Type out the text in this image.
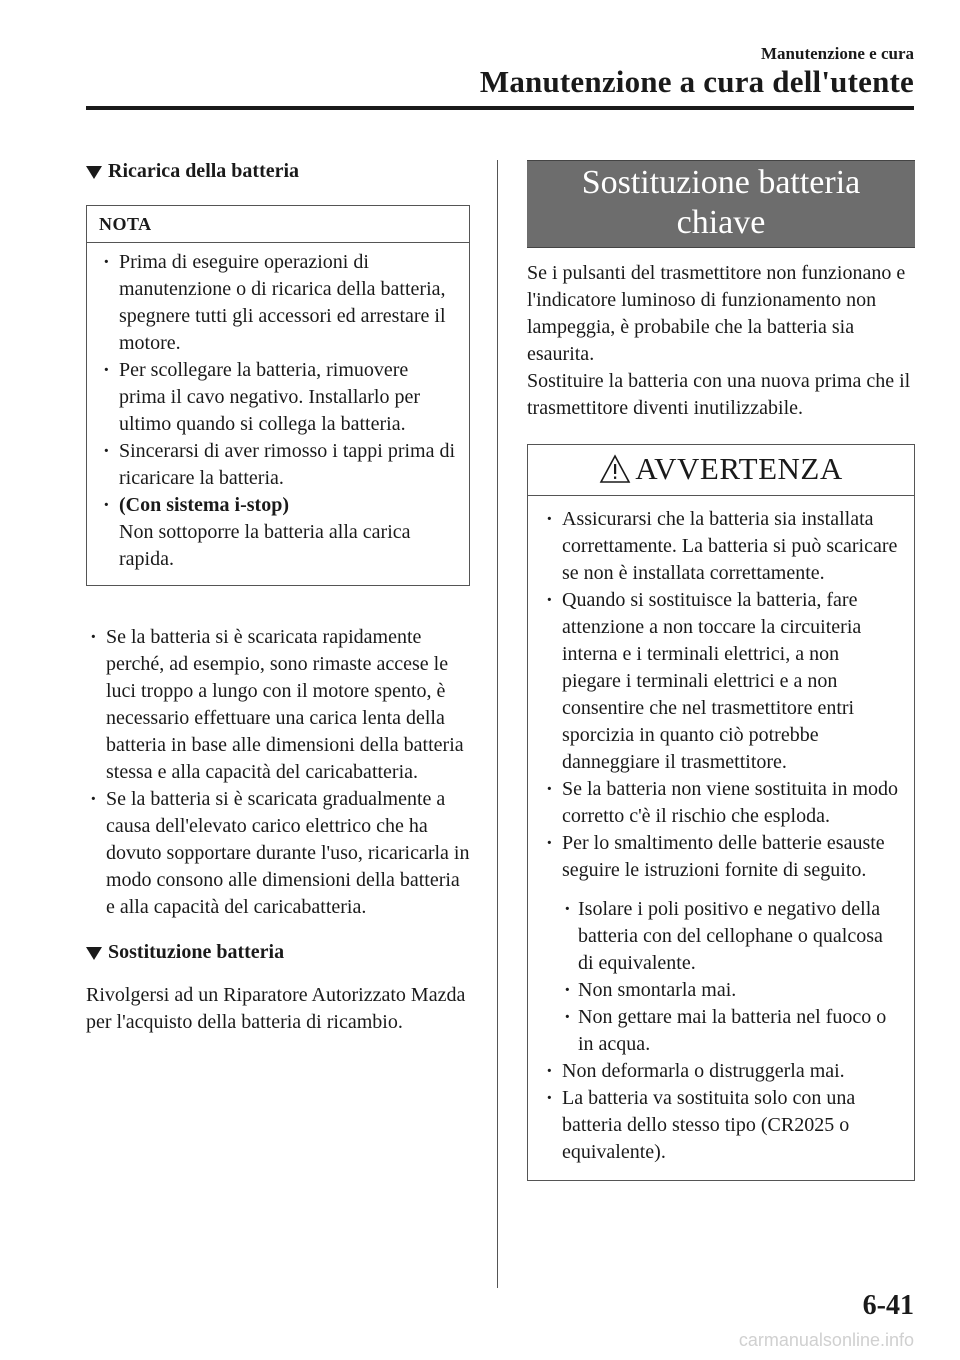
Manutenzione e cura
Manutenzione a cura dell'utente
Ricarica della batteria
NOTA
· Prima di eseguire operazioni di manutenzione o di ricarica della batteria, spegnere tutti gli accessori ed arrestare il motore.
· Per scollegare la batteria, rimuovere prima il cavo negativo. Installarlo per ultimo quando si collega la batteria.
· Sincerarsi di aver rimosso i tappi prima di ricaricare la batteria.
· (Con sistema i-stop)
Non sottoporre la batteria alla carica rapida.
· Se la batteria si è scaricata rapidamente perché, ad esempio, sono rimaste accese le luci troppo a lungo con il motore spento, è necessario effettuare una carica lenta della batteria in base alle dimensioni della batteria stessa e alla capacità del caricabatteria.
· Se la batteria si è scaricata gradualmente a causa dell'elevato carico elettrico che ha dovuto sopportare durante l'uso, ricaricarla in modo consono alle dimensioni della batteria e alla capacità del caricabatteria.
Sostituzione batteria

Rivolgersi ad un Riparatore Autorizzato Mazda per l'acquisto della batteria di ricambio.

Sostituzione batteria
chiave

Se i pulsanti del trasmettitore non funzionano e l'indicatore luminoso di funzionamento non lampeggia, è probabile che la batteria sia esaurita.

Sostituire la batteria con una nuova prima che il trasmettitore diventi inutilizzabile.

AVVERTENZA
· Assicurarsi che la batteria sia installata correttamente. La batteria si può scaricare se non è installata correttamente.
· Quando si sostituisce la batteria, fare attenzione a non toccare la circuiteria interna e i terminali elettrici, a non piegare i terminali elettrici e a non consentire che nel trasmettitore entri sporcizia in quanto ciò potrebbe danneggiare il trasmettitore.
· Se la batteria non viene sostituita in modo corretto c'è il rischio che esploda.
· Per lo smaltimento delle batterie esauste seguire le istruzioni fornite di seguito.
· Isolare i poli positivo e negativo della batteria con del cellophane o qualcosa di equivalente.
· Non smontarla mai.
· Non gettare mai la batteria nel fuoco o in acqua.
· Non deformarla o distruggerla mai.
· La batteria va sostituita solo con una batteria dello stesso tipo (CR2025 o equivalente).
6-41
carmanualsonline.info
